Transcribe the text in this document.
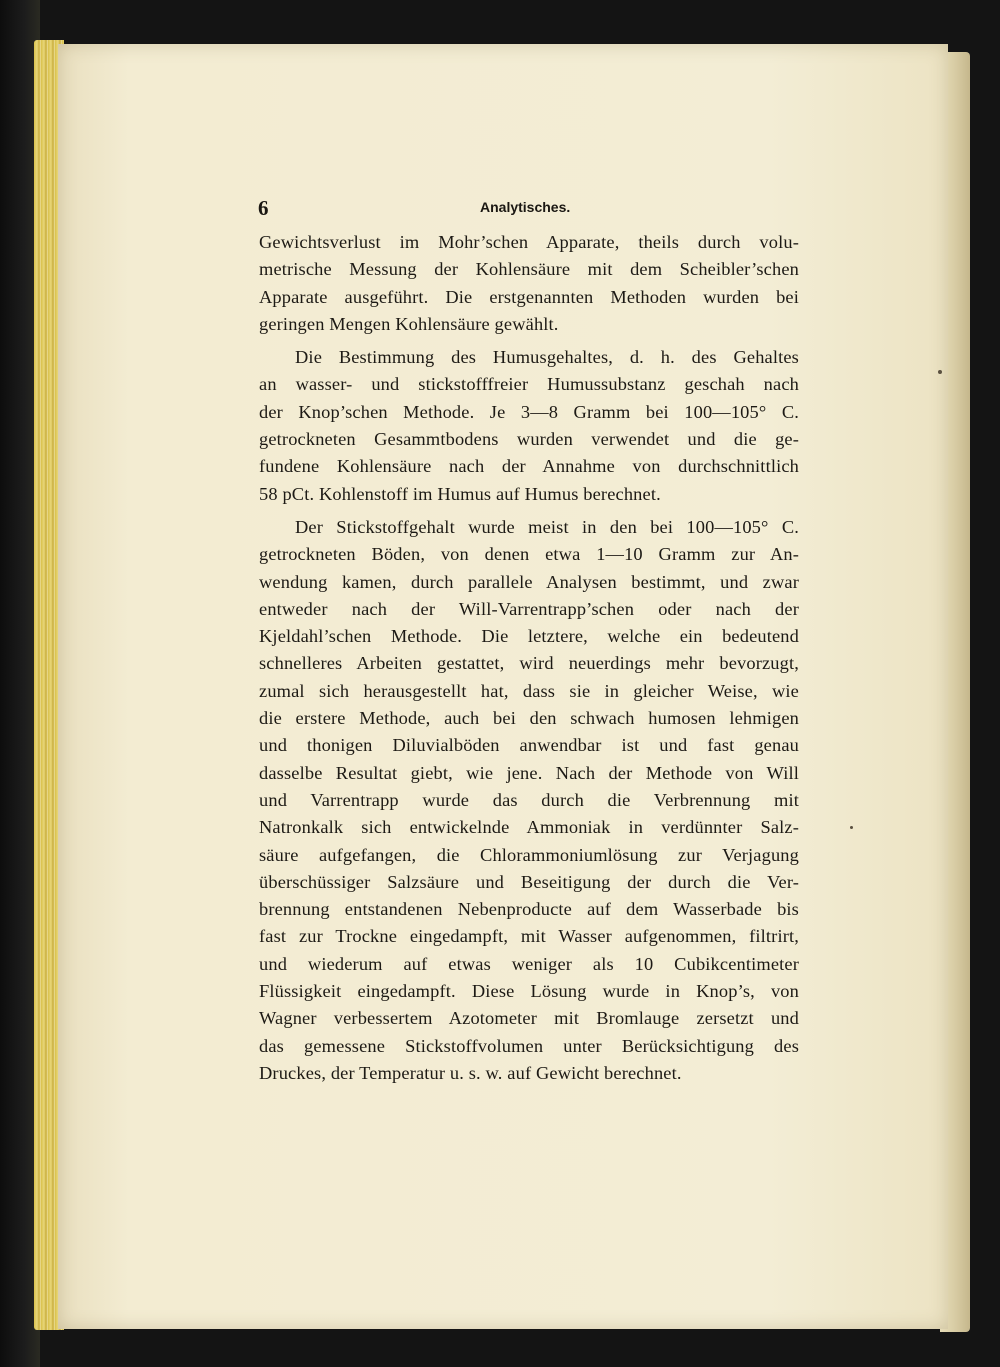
6	Analytisches.

Gewichtsverlust im Mohr’schen Apparate, theils durch volu-
metrische Messung der Kohlensäure mit dem Scheibler’schen
Apparate ausgeführt. Die erstgenannten Methoden wurden bei
geringen Mengen Kohlensäure gewählt.

Die Bestimmung des Humusgehaltes, d. h. des Gehaltes
an wasser- und stickstofffreier Humussubstanz geschah nach
der Knop’schen Methode. Je 3—8 Gramm bei 100—105° C.
getrockneten Gesammtbodens wurden verwendet und die ge-
fundene Kohlensäure nach der Annahme von durchschnittlich
58 pCt. Kohlenstoff im Humus auf Humus berechnet.

Der Stickstoffgehalt wurde meist in den bei 100—105° C.
getrockneten Böden, von denen etwa 1—10 Gramm zur An-
wendung kamen, durch parallele Analysen bestimmt, und zwar
entweder nach der Will-Varrentrapp’schen oder nach der
Kjeldahl’schen Methode. Die letztere, welche ein bedeutend
schnelleres Arbeiten gestattet, wird neuerdings mehr bevorzugt,
zumal sich herausgestellt hat, dass sie in gleicher Weise, wie
die erstere Methode, auch bei den schwach humosen lehmigen
und thonigen Diluvialböden anwendbar ist und fast genau
dasselbe Resultat giebt, wie jene. Nach der Methode von Will
und Varrentrapp wurde das durch die Verbrennung mit
Natronkalk sich entwickelnde Ammoniak in verdünnter Salz-
säure aufgefangen, die Chlorammoniumlösung zur Verjagung
überschüssiger Salzsäure und Beseitigung der durch die Ver-
brennung entstandenen Nebenproducte auf dem Wasserbade bis
fast zur Trockne eingedampft, mit Wasser aufgenommen, filtrirt,
und wiederum auf etwas weniger als 10 Cubikcentimeter
Flüssigkeit eingedampft. Diese Lösung wurde in Knop’s, von
Wagner verbessertem Azotometer mit Bromlauge zersetzt und
das gemessene Stickstoffvolumen unter Berücksichtigung des
Druckes, der Temperatur u. s. w. auf Gewicht berechnet.
